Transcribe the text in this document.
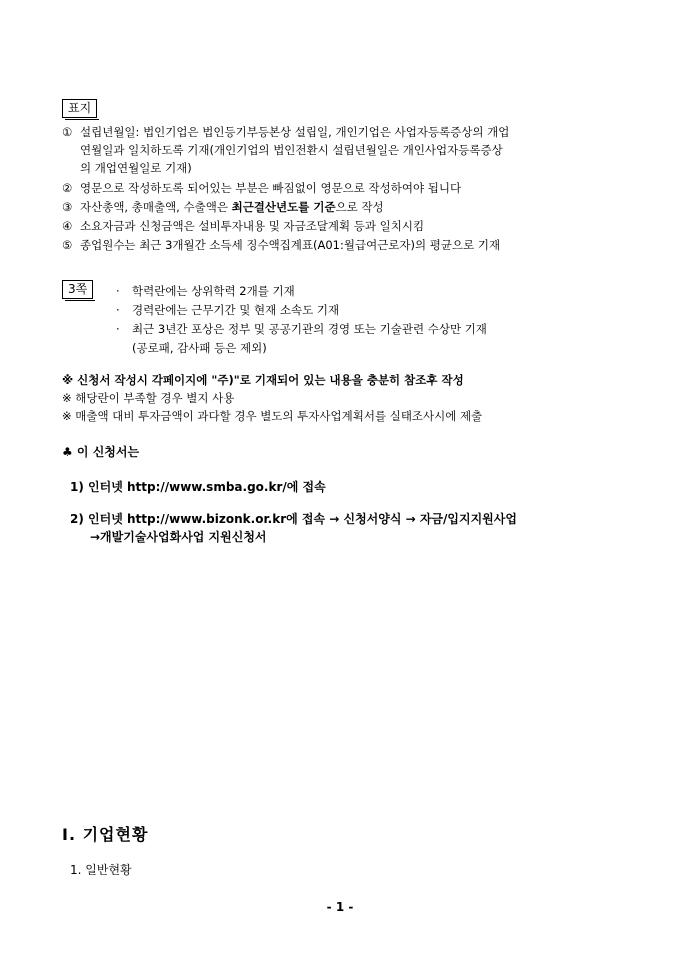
표지
① 설립년월일: 법인기업은 법인등기부등본상 설립일, 개인기업은 사업자등록증상의 개업
연월일과 일치하도록 기재(개인기업의 법인전환시 설립년월일은 개인사업자등록증상
의 개업연월일로 기재)
② 영문으로 작성하도록 되어있는 부분은 빠짐없이 영문으로 작성하여야 됩니다
③ 자산총액, 총매출액, 수출액은 최근결산년도를 기준으로 작성
④ 소요자금과 신청금액은 설비투자내용 및 자금조달계획 등과 일치시킴
⑤ 종업원수는 최근 3개월간 소득세 징수액집계표(A01:월급여근로자)의 평균으로 기재
3쪽	· 학력란에는 상위학력 2개를 기재
· 경력란에는 근무기간 및 현재 소속도 기재
· 최근 3년간 포상은 정부 및 공공기관의 경영 또는 기술관련 수상만 기재
(공로패, 감사패 등은 제외)
※ 신청서 작성시 각페이지에 "주)"로 기재되어 있는 내용을 충분히 참조후 작성
※ 해당란이 부족할 경우 별지 사용
※ 매출액 대비 투자금액이 과다할 경우 별도의 투자사업계획서를 실태조사시에 제출
♣ 이 신청서는
1) 인터넷 http://www.smba.go.kr/에 접속
2) 인터넷 http://www.bizonk.or.kr에 접속 → 신청서양식 → 자금/입지지원사업
→개발기술사업화사업 지원신청서
Ⅰ. 기업현황
1. 일반현황
- 1 -
